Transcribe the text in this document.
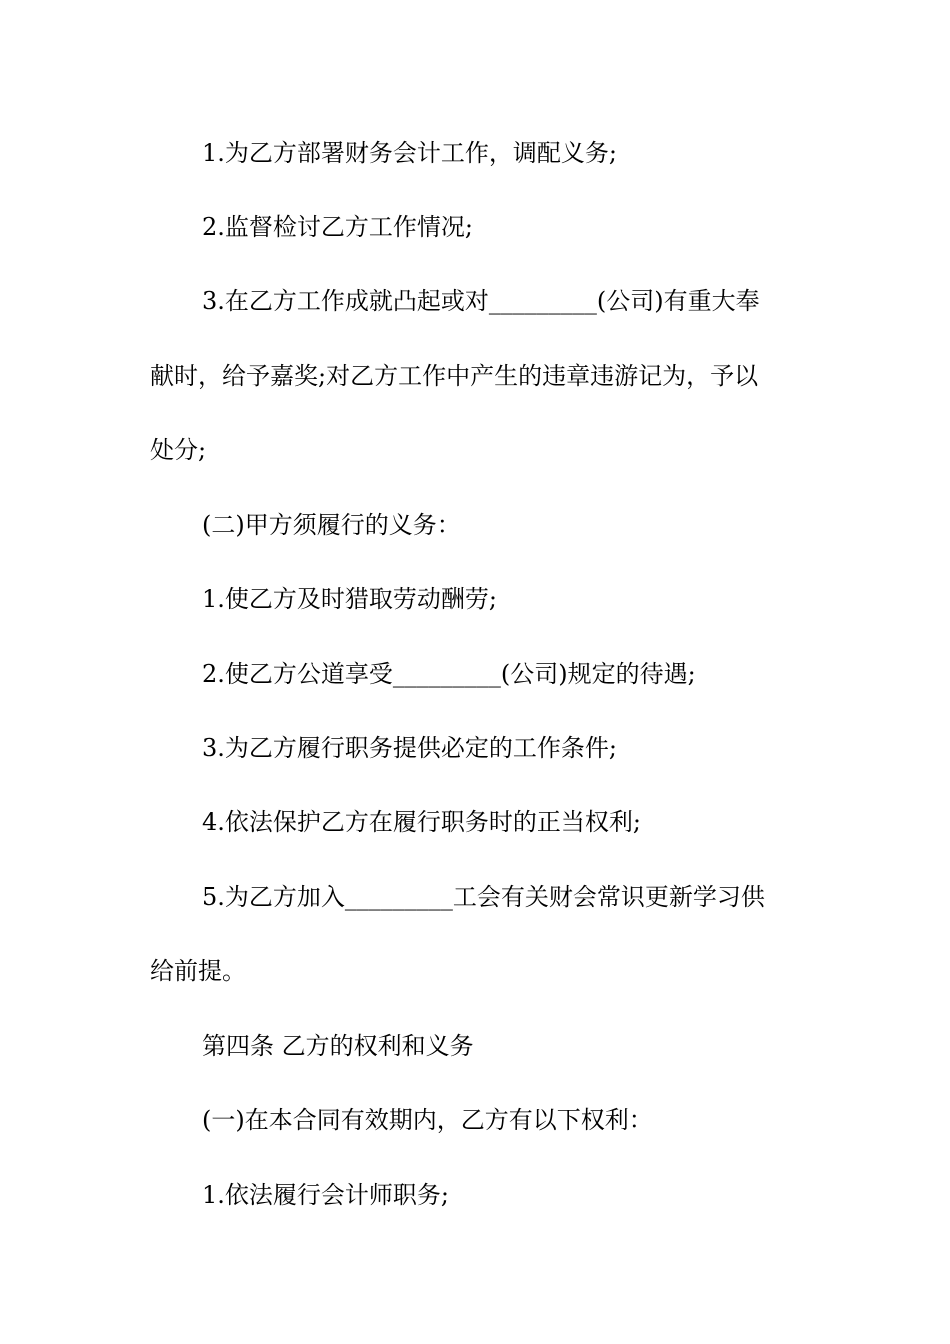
1.为乙方部署财务会计工作，调配义务;
2.监督检讨乙方工作情况;
3.在乙方工作成就凸起或对_________(公司)有重大奉
献时，给予嘉奖;对乙方工作中产生的违章违游记为，予以
处分;
(二)甲方须履行的义务：
1.使乙方及时猎取劳动酬劳;
2.使乙方公道享受_________(公司)规定的待遇;
3.为乙方履行职务提供必定的工作条件;
4.依法保护乙方在履行职务时的正当权利;
5.为乙方加入_________工会有关财会常识更新学习供
给前提。
第四条 乙方的权利和义务
(一)在本合同有效期内，乙方有以下权利：
1.依法履行会计师职务;
